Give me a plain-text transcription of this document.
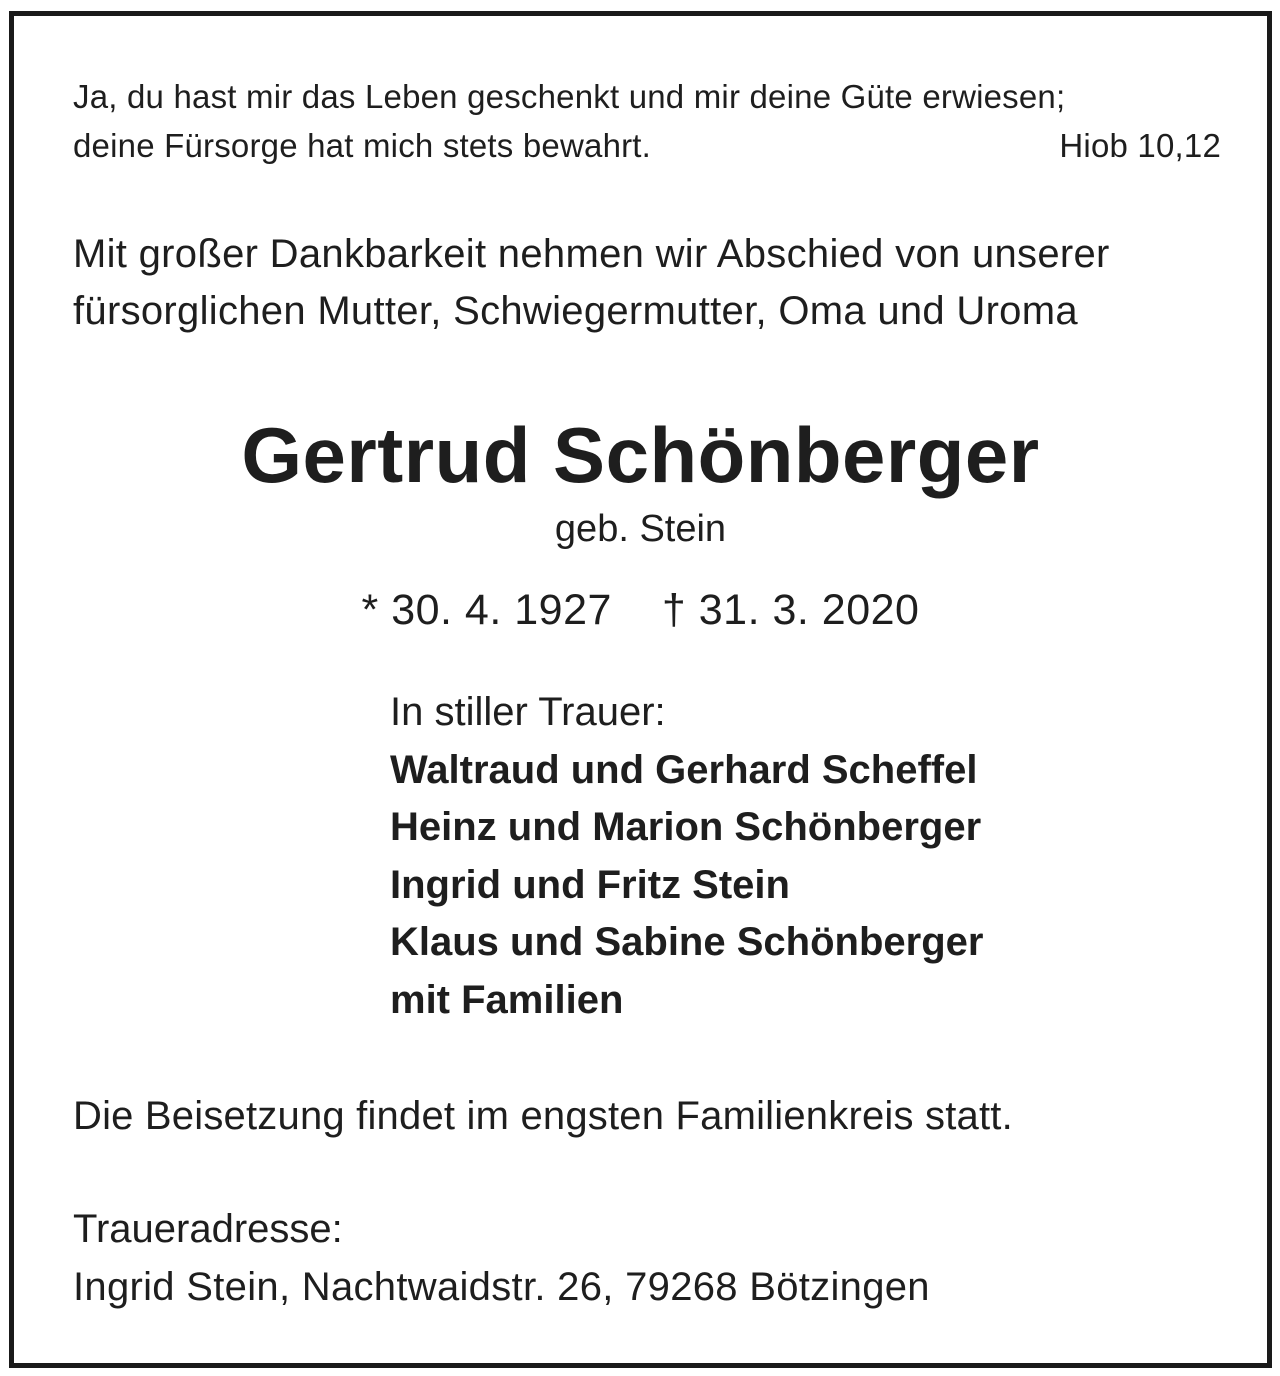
Ja, du hast mir das Leben geschenkt und mir deine Güte erwiesen;
deine Fürsorge hat mich stets bewahrt.	Hiob 10,12
Mit großer Dankbarkeit nehmen wir Abschied von unserer
fürsorglichen Mutter, Schwiegermutter, Oma und Uroma
Gertrud Schönberger
geb. Stein
* 30. 4. 1927 † 31. 3. 2020
In stiller Trauer:
Waltraud und Gerhard Scheffel
Heinz und Marion Schönberger
Ingrid und Fritz Stein
Klaus und Sabine Schönberger
mit Familien
Die Beisetzung findet im engsten Familienkreis statt.
Traueradresse:
Ingrid Stein, Nachtwaidstr. 26, 79268 Bötzingen
